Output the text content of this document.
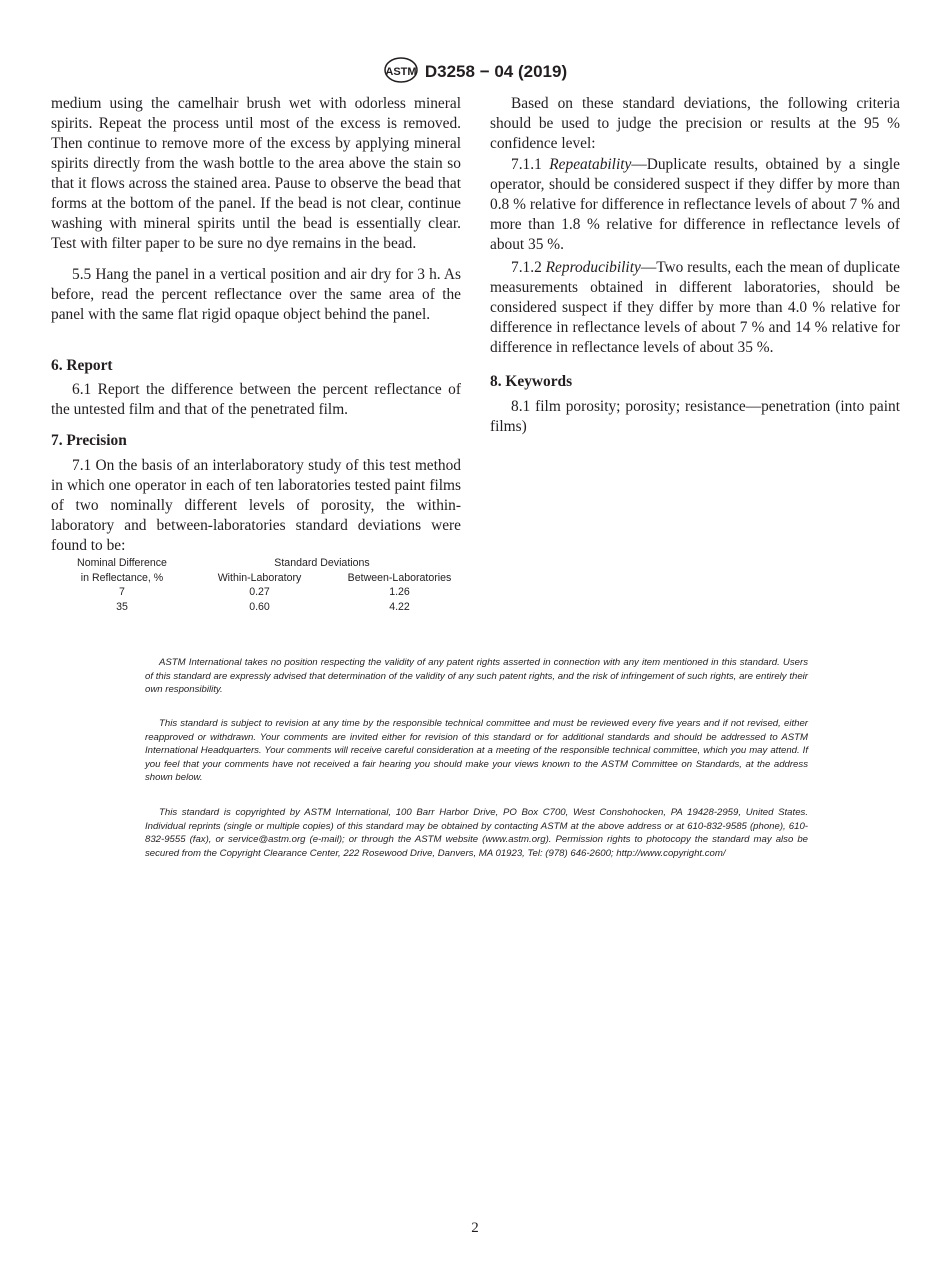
ASTM D3258 − 04 (2019)
medium using the camelhair brush wet with odorless mineral spirits. Repeat the process until most of the excess is removed. Then continue to remove more of the excess by applying mineral spirits directly from the wash bottle to the area above the stain so that it flows across the stained area. Pause to observe the bead that forms at the bottom of the panel. If the bead is not clear, continue washing with mineral spirits until the bead is essentially clear. Test with filter paper to be sure no dye remains in the bead.
5.5 Hang the panel in a vertical position and air dry for 3 h. As before, read the percent reflectance over the same area of the panel with the same flat rigid opaque object behind the panel.
6. Report
6.1 Report the difference between the percent reflectance of the untested film and that of the penetrated film.
7. Precision
7.1 On the basis of an interlaboratory study of this test method in which one operator in each of ten laboratories tested paint films of two nominally different levels of porosity, the within-laboratory and between-laboratories standard deviations were found to be:
Nominal Difference	Standard Deviations	
in Reflectance, %	Within-Laboratory	Between-Laboratories
7	0.27	1.26
35	0.60	4.22
Based on these standard deviations, the following criteria should be used to judge the precision or results at the 95 % confidence level:
7.1.1 Repeatability—Duplicate results, obtained by a single operator, should be considered suspect if they differ by more than 0.8 % relative for difference in reflectance levels of about 7 % and more than 1.8 % relative for difference in reflectance levels of about 35 %.
7.1.2 Reproducibility—Two results, each the mean of duplicate measurements obtained in different laboratories, should be considered suspect if they differ by more than 4.0 % relative for difference in reflectance levels of about 7 % and 14 % relative for difference in reflectance levels of about 35 %.
8. Keywords
8.1 film porosity; porosity; resistance—penetration (into paint films)
ASTM International takes no position respecting the validity of any patent rights asserted in connection with any item mentioned in this standard. Users of this standard are expressly advised that determination of the validity of any such patent rights, and the risk of infringement of such rights, are entirely their own responsibility.
This standard is subject to revision at any time by the responsible technical committee and must be reviewed every five years and if not revised, either reapproved or withdrawn. Your comments are invited either for revision of this standard or for additional standards and should be addressed to ASTM International Headquarters. Your comments will receive careful consideration at a meeting of the responsible technical committee, which you may attend. If you feel that your comments have not received a fair hearing you should make your views known to the ASTM Committee on Standards, at the address shown below.
This standard is copyrighted by ASTM International, 100 Barr Harbor Drive, PO Box C700, West Conshohocken, PA 19428-2959, United States. Individual reprints (single or multiple copies) of this standard may be obtained by contacting ASTM at the above address or at 610-832-9585 (phone), 610-832-9555 (fax), or service@astm.org (e-mail); or through the ASTM website (www.astm.org). Permission rights to photocopy the standard may also be secured from the Copyright Clearance Center, 222 Rosewood Drive, Danvers, MA 01923, Tel: (978) 646-2600; http://www.copyright.com/
2
